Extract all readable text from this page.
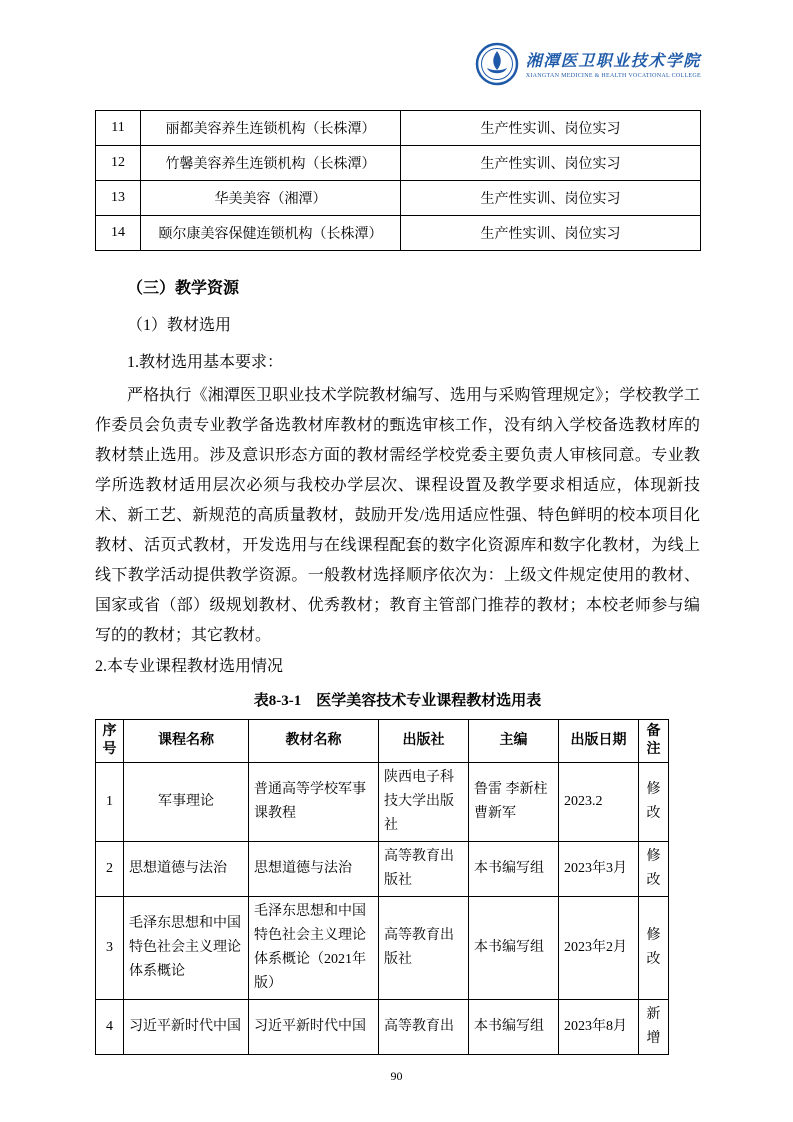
湘潭医卫职业技术学院
XIANGTAN MEDICINE & HEALTH VOCATIONAL COLLEGE
11	丽都美容养生连锁机构（长株潭）	生产性实训、岗位实习
12	竹馨美容养生连锁机构（长株潭）	生产性实训、岗位实习
13	华美美容（湘潭）	生产性实训、岗位实习
14	颐尔康美容保健连锁机构（长株潭）	生产性实训、岗位实习
（三）教学资源
（1）教材选用
1.教材选用基本要求：
严格执行《湘潭医卫职业技术学院教材编写、选用与采购管理规定》；学校教学工作委员会负责专业教学备选教材库教材的甄选审核工作，没有纳入学校备选教材库的教材禁止选用。涉及意识形态方面的教材需经学校党委主要负责人审核同意。专业教学所选教材适用层次必须与我校办学层次、课程设置及教学要求相适应，体现新技术、新工艺、新规范的高质量教材，鼓励开发/选用适应性强、特色鲜明的校本项目化教材、活页式教材，开发选用与在线课程配套的数字化资源库和数字化教材，为线上线下教学活动提供教学资源。一般教材选择顺序依次为：上级文件规定使用的教材、国家或省（部）级规划教材、优秀教材；教育主管部门推荐的教材；本校老师参与编写的的教材；其它教材。
2.本专业课程教材选用情况
表8-3-1　医学美容技术专业课程教材选用表
序号	课程名称	教材名称	出版社	主编	出版日期	备注
1	军事理论	普通高等学校军事课教程	陕西电子科技大学出版社	鲁雷 李新柱 曹新军	2023.2	修改
2	思想道德与法治	思想道德与法治	高等教育出版社	本书编写组	2023年3月	修改
3	毛泽东思想和中国特色社会主义理论体系概论	毛泽东思想和中国特色社会主义理论体系概论（2021年版）	高等教育出版社	本书编写组	2023年2月	修改
4	习近平新时代中国	习近平新时代中国	高等教育出	本书编写组	2023年8月	新增
90
